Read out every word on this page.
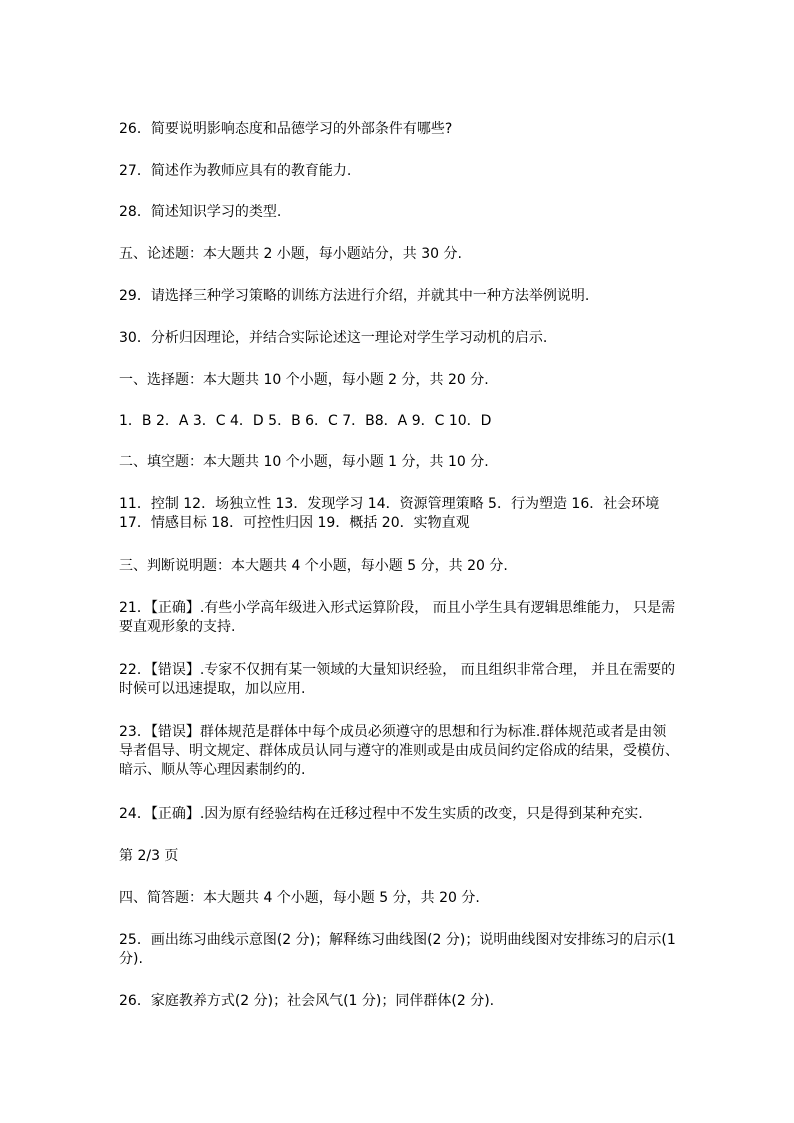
26．简要说明影响态度和品德学习的外部条件有哪些?
27．简述作为教师应具有的教育能力.
28．简述知识学习的类型.
五、论述题：本大题共 2 小题，每小题站分，共 30 分.
29．请选择三种学习策略的训练方法进行介绍，并就其中一种方法举例说明.
30．分析归因理论，并结合实际论述这一理论对学生学习动机的启示.
一、选择题：本大题共 10 个小题，每小题 2 分，共 20 分.
1．B 2．A 3．C 4．D 5．B 6．C 7．B8．A 9．C 10．D
二、填空题：本大题共 10 个小题，每小题 1 分，共 10 分.
11．控制 12．场独立性 13．发现学习 14．资源管理策略 5．行为塑造 16．社会环境
17．情感目标 18．可控性归因 19．概括 20．实物直观
三、判断说明题：本大题共 4 个小题，每小题 5 分，共 20 分.
21．【正确】.有些小学高年级进入形式运算阶段， 而且小学生具有逻辑思维能力， 只是需
要直观形象的支持.
22．【错误】.专家不仅拥有某一领域的大量知识经验， 而且组织非常合理， 并且在需要的
时候可以迅速提取，加以应用.
23．【错误】群体规范是群体中每个成员必须遵守的思想和行为标准.群体规范或者是由领
导者倡导、明文规定、群体成员认同与遵守的准则或是由成员间约定俗成的结果，受模仿、
暗示、顺从等心理因素制约的.
24．【正确】.因为原有经验结构在迁移过程中不发生实质的改变，只是得到某种充实.
第 2/3 页
四、简答题：本大题共 4 个小题，每小题 5 分，共 20 分.
25．画出练习曲线示意图(2 分)；解释练习曲线图(2 分)；说明曲线图对安排练习的启示(1
分).
26．家庭教养方式(2 分)；社会风气(1 分)；同伴群体(2 分).
